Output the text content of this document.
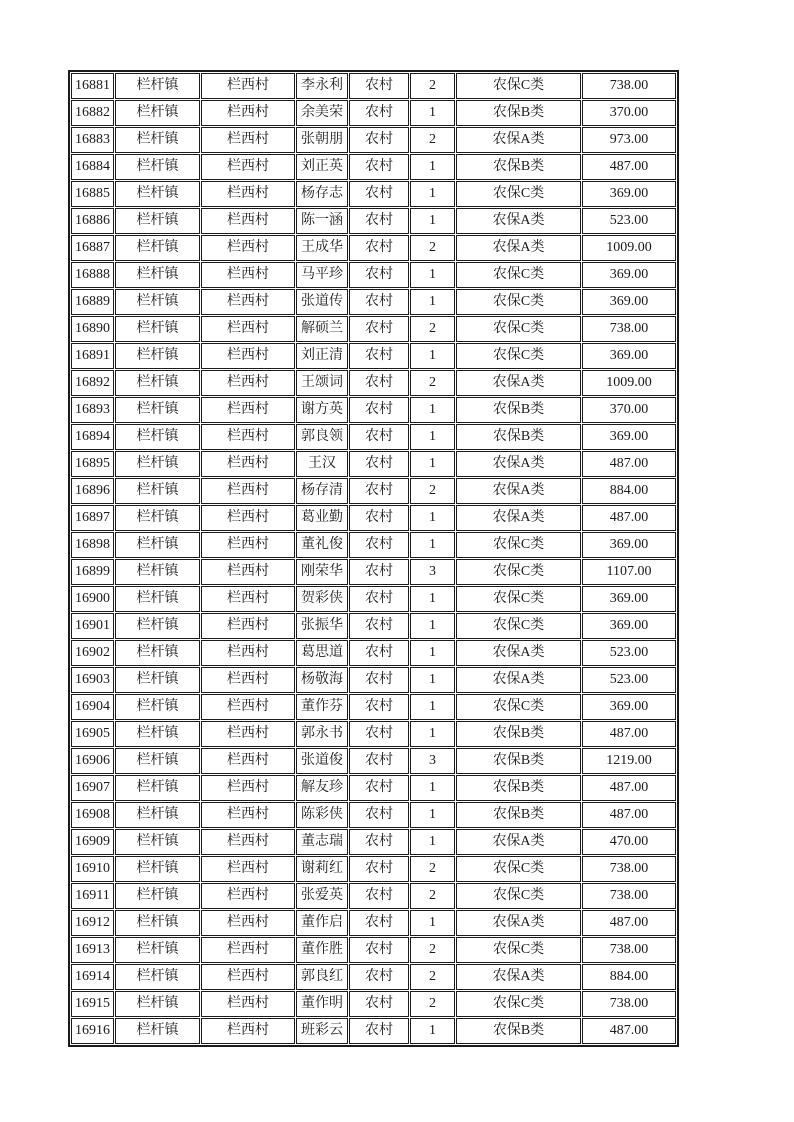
16881	栏杆镇	栏西村	李永利	农村	2	农保C类	738.00
16882	栏杆镇	栏西村	余美荣	农村	1	农保B类	370.00
16883	栏杆镇	栏西村	张朝朋	农村	2	农保A类	973.00
16884	栏杆镇	栏西村	刘正英	农村	1	农保B类	487.00
16885	栏杆镇	栏西村	杨存志	农村	1	农保C类	369.00
16886	栏杆镇	栏西村	陈一涵	农村	1	农保A类	523.00
16887	栏杆镇	栏西村	王成华	农村	2	农保A类	1009.00
16888	栏杆镇	栏西村	马平珍	农村	1	农保C类	369.00
16889	栏杆镇	栏西村	张道传	农村	1	农保C类	369.00
16890	栏杆镇	栏西村	解硕兰	农村	2	农保C类	738.00
16891	栏杆镇	栏西村	刘正清	农村	1	农保C类	369.00
16892	栏杆镇	栏西村	王颂词	农村	2	农保A类	1009.00
16893	栏杆镇	栏西村	谢方英	农村	1	农保B类	370.00
16894	栏杆镇	栏西村	郭良领	农村	1	农保B类	369.00
16895	栏杆镇	栏西村	王汉	农村	1	农保A类	487.00
16896	栏杆镇	栏西村	杨存清	农村	2	农保A类	884.00
16897	栏杆镇	栏西村	葛业勤	农村	1	农保A类	487.00
16898	栏杆镇	栏西村	董礼俊	农村	1	农保C类	369.00
16899	栏杆镇	栏西村	刚荣华	农村	3	农保C类	1107.00
16900	栏杆镇	栏西村	贺彩侠	农村	1	农保C类	369.00
16901	栏杆镇	栏西村	张振华	农村	1	农保C类	369.00
16902	栏杆镇	栏西村	葛思道	农村	1	农保A类	523.00
16903	栏杆镇	栏西村	杨敬海	农村	1	农保A类	523.00
16904	栏杆镇	栏西村	董作芬	农村	1	农保C类	369.00
16905	栏杆镇	栏西村	郭永书	农村	1	农保B类	487.00
16906	栏杆镇	栏西村	张道俊	农村	3	农保B类	1219.00
16907	栏杆镇	栏西村	解友珍	农村	1	农保B类	487.00
16908	栏杆镇	栏西村	陈彩侠	农村	1	农保B类	487.00
16909	栏杆镇	栏西村	董志瑞	农村	1	农保A类	470.00
16910	栏杆镇	栏西村	谢莉红	农村	2	农保C类	738.00
16911	栏杆镇	栏西村	张爱英	农村	2	农保C类	738.00
16912	栏杆镇	栏西村	董作启	农村	1	农保A类	487.00
16913	栏杆镇	栏西村	董作胜	农村	2	农保C类	738.00
16914	栏杆镇	栏西村	郭良红	农村	2	农保A类	884.00
16915	栏杆镇	栏西村	董作明	农村	2	农保C类	738.00
16916	栏杆镇	栏西村	班彩云	农村	1	农保B类	487.00
